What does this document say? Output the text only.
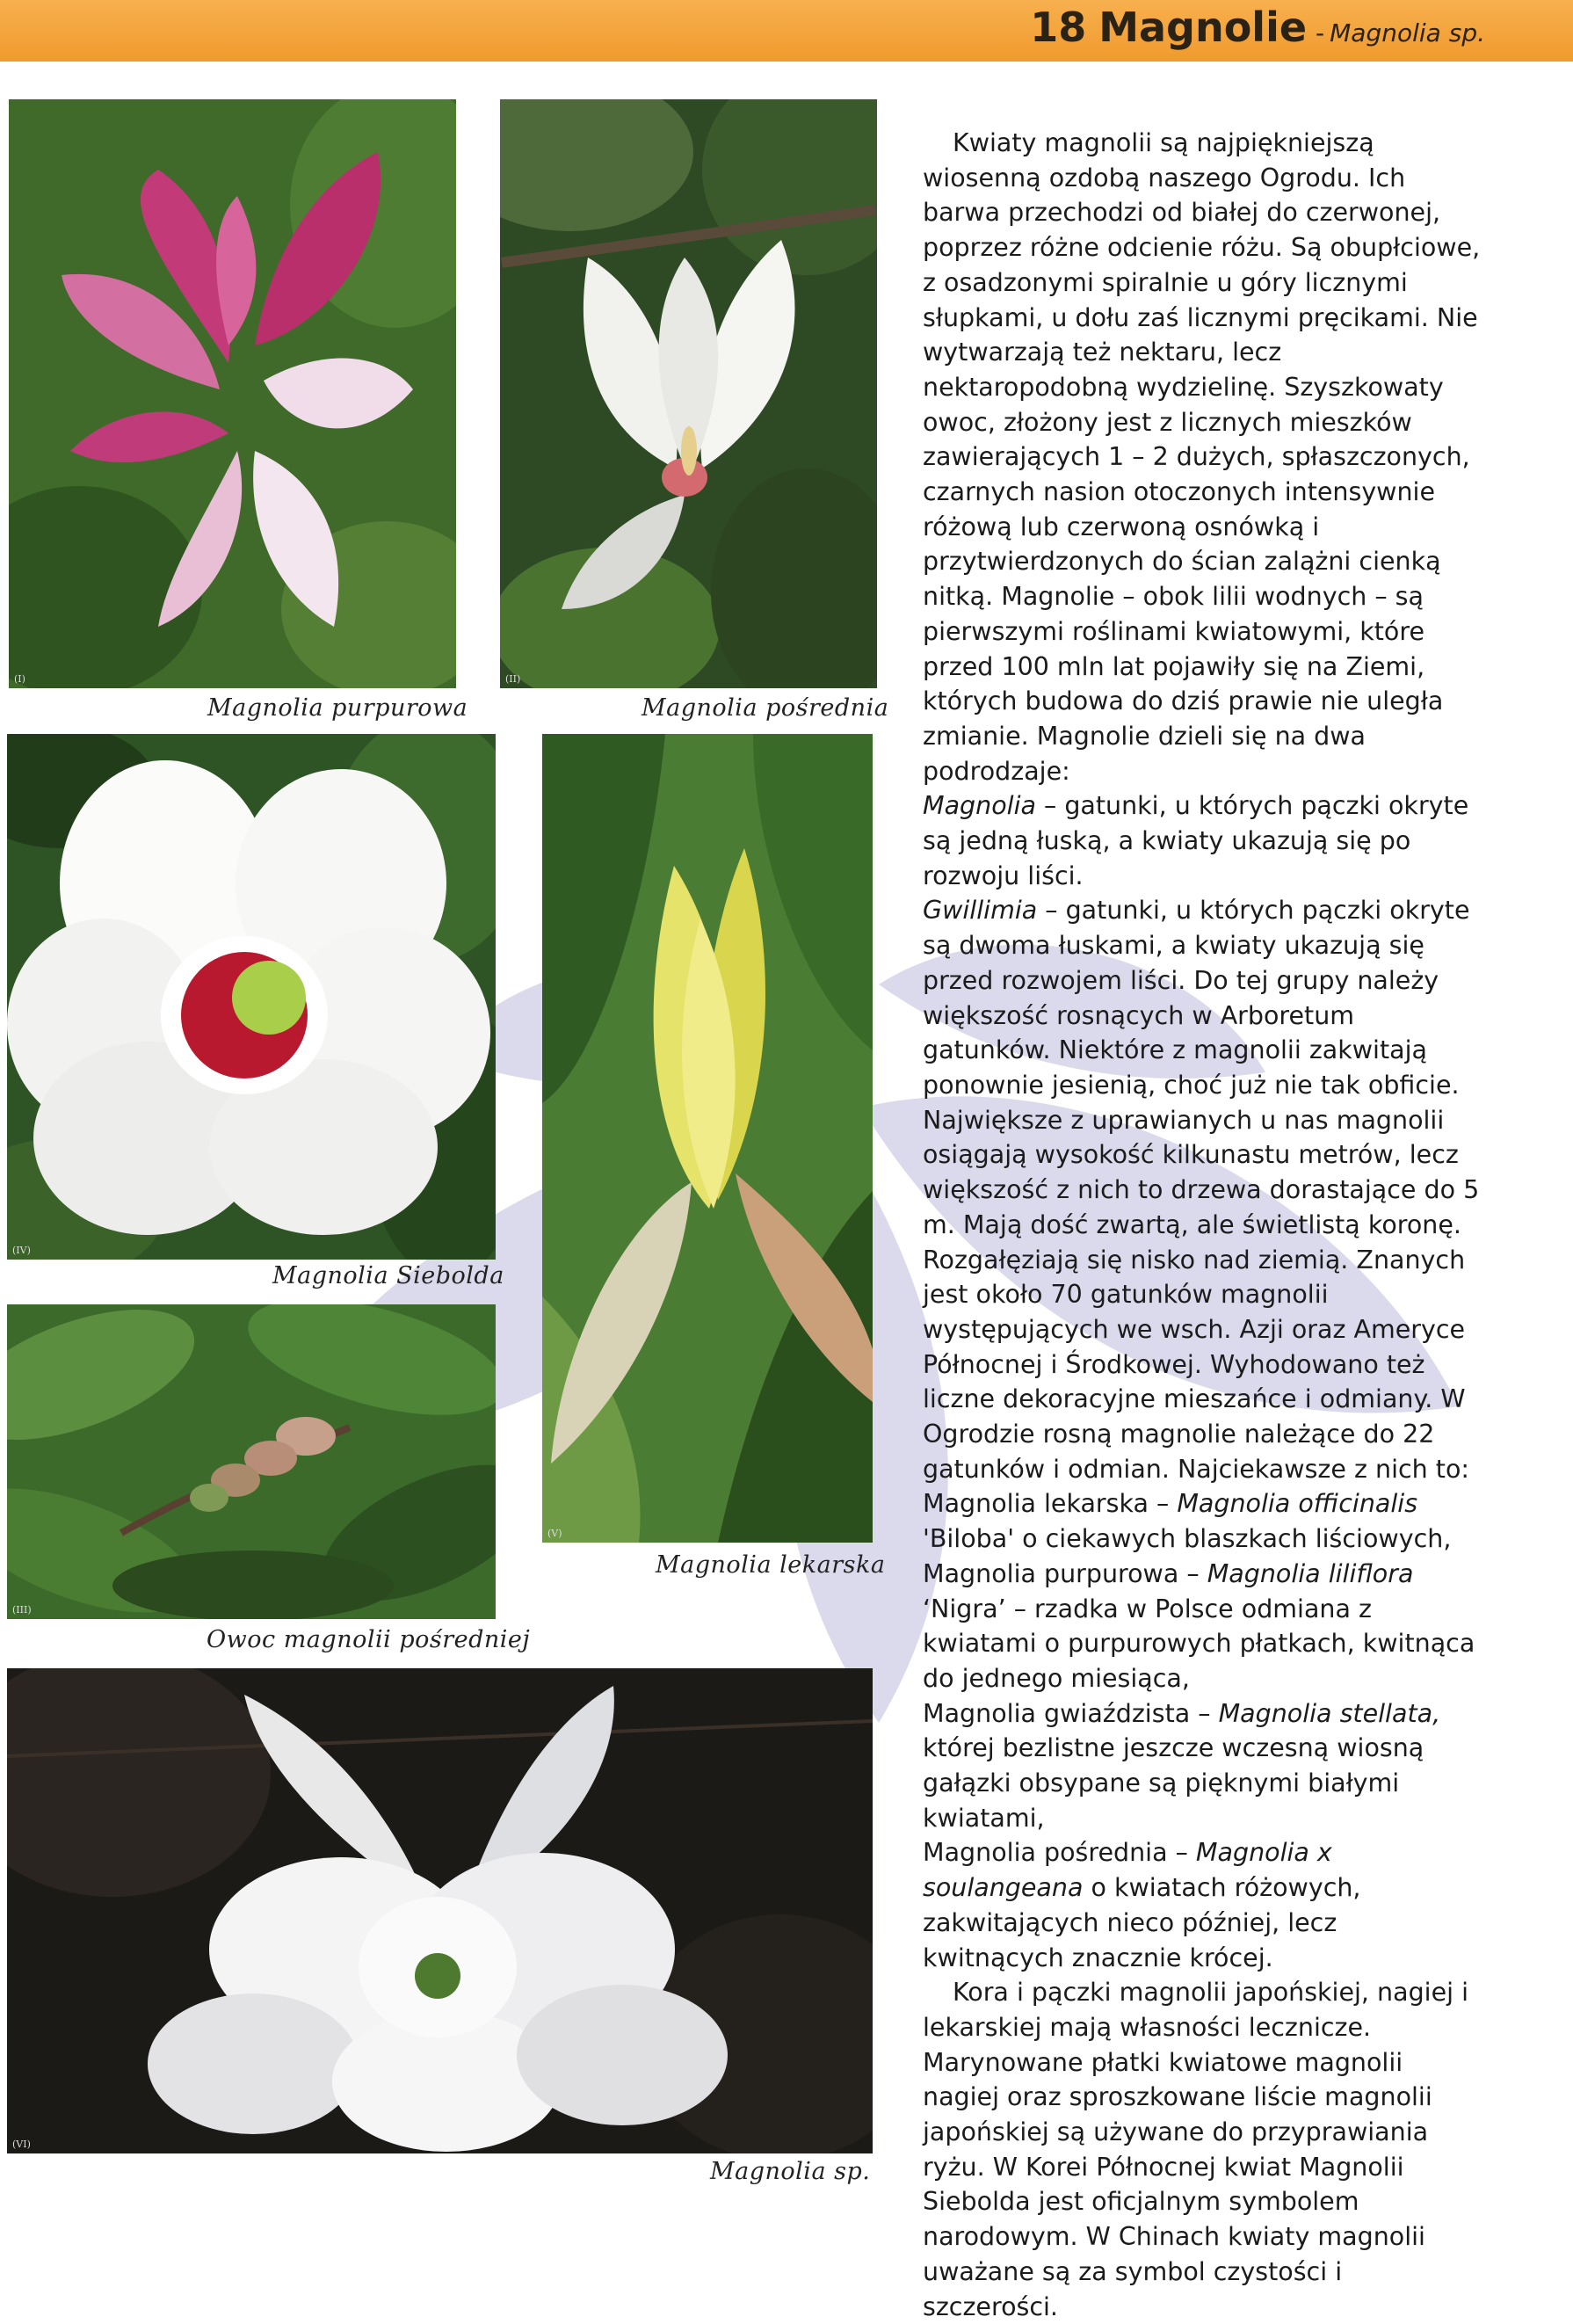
18 Magnolie - Magnolia sp.
(I)
Magnolia purpurowa
(II)
Magnolia pośrednia
(IV)
Magnolia Siebolda
(V)
Magnolia lekarska
(III)
Owoc magnolii pośredniej
(VI)
Magnolia sp.

Kwiaty magnolii są najpiękniejszą wiosenną ozdobą naszego Ogrodu. Ich barwa przechodzi od białej do czerwonej, poprzez różne odcienie różu. Są obupłciowe, z osadzonymi spiralnie u góry licznymi słupkami, u dołu zaś licznymi pręcikami. Nie wytwarzają też nektaru, lecz nektaropodobną wydzielinę. Szyszkowaty owoc, złożony jest z licznych mieszków zawierających 1 – 2 dużych, spłaszczonych, czarnych nasion otoczonych intensywnie różową lub czerwoną osnówką i przytwierdzonych do ścian zalążni cienką nitką. Magnolie – obok lilii wodnych – są pierwszymi roślinami kwiatowymi, które przed 100 mln lat pojawiły się na Ziemi, których budowa do dziś prawie nie uległa zmianie. Magnolie dzieli się na dwa podrodzaje:

Magnolia – gatunki, u których pączki okryte są jedną łuską, a kwiaty ukazują się po rozwoju liści.

Gwillimia – gatunki, u których pączki okryte są dwoma łuskami, a kwiaty ukazują się przed rozwojem liści. Do tej grupy należy większość rosnących w Arboretum gatunków. Niektóre z magnolii zakwitają ponownie jesienią, choć już nie tak obficie. Największe z uprawianych u nas magnolii osiągają wysokość kilkunastu metrów, lecz większość z nich to drzewa dorastające do 5 m. Mają dość zwartą, ale świetlistą koronę. Rozgałęziają się nisko nad ziemią. Znanych jest około 70 gatunków magnolii występujących we wsch. Azji oraz Ameryce Północnej i Środkowej. Wyhodowano też liczne dekoracyjne mieszańce i odmiany. W Ogrodzie rosną magnolie należące do 22 gatunków i odmian. Najciekawsze z nich to:

Magnolia lekarska – Magnolia officinalis 'Biloba' o ciekawych blaszkach liściowych,

Magnolia purpurowa – Magnolia liliflora ‘Nigra’ – rzadka w Polsce odmiana z kwiatami o purpurowych płatkach, kwitnąca do jednego miesiąca,

Magnolia gwiaździsta – Magnolia stellata, której bezlistne jeszcze wczesną wiosną gałązki obsypane są pięknymi białymi kwiatami,

Magnolia pośrednia – Magnolia x soulangeana o kwiatach różowych, zakwitających nieco później, lecz kwitnących znacznie krócej.

Kora i pączki magnolii japońskiej, nagiej i lekarskiej mają własności lecznicze. Marynowane płatki kwiatowe magnolii nagiej oraz sproszkowane liście magnolii japońskiej są używane do przyprawiania ryżu. W Korei Północnej kwiat Magnolii Siebolda jest oficjalnym symbolem narodowym. W Chinach kwiaty magnolii uważane są za symbol czystości i szczerości.
